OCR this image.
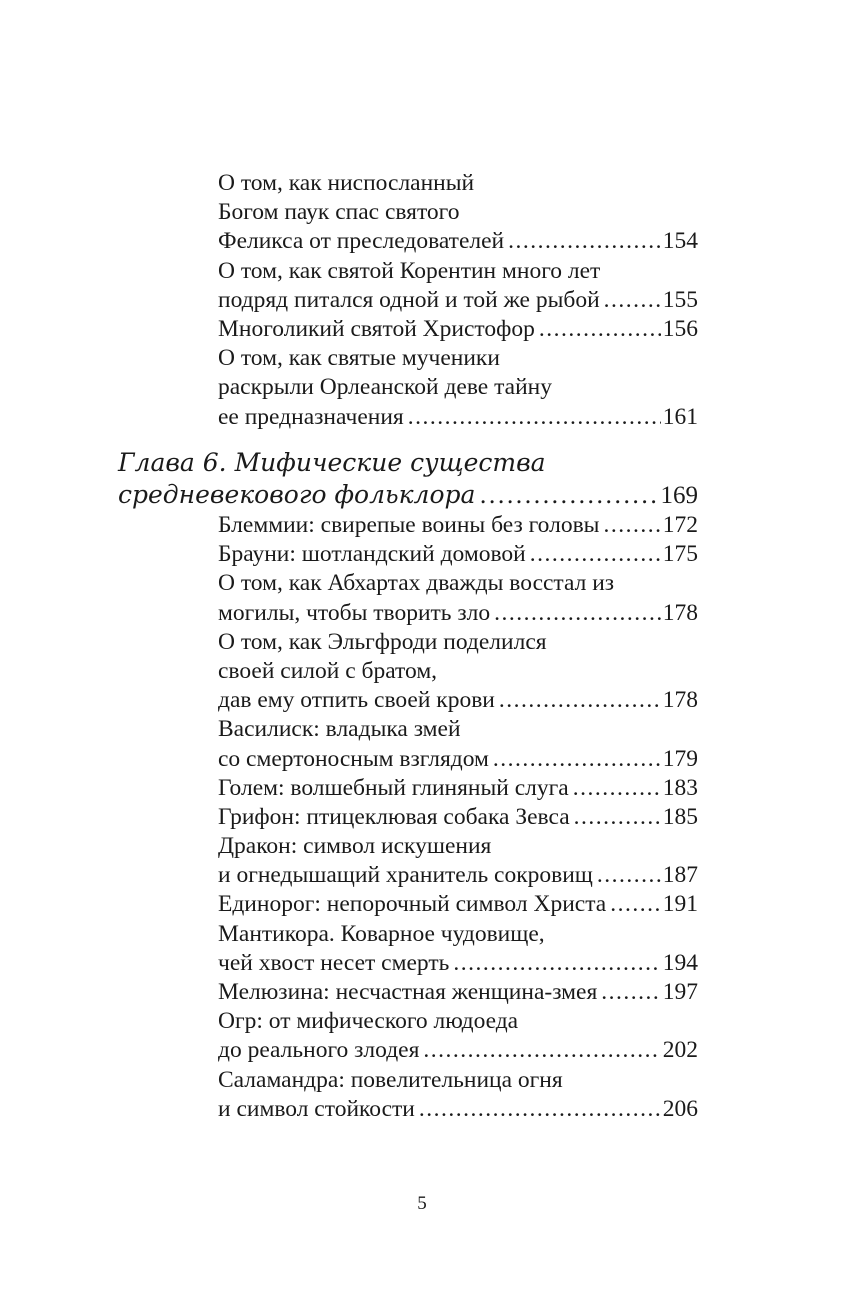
О том, как ниспосланный
Богом паук спас святого
Феликса от преследователей .....	154
О том, как святой Корентин много лет
подряд питался одной и той же рыбой .....	155
Многоликий святой Христофор .....	156
О том, как святые мученики
раскрыли Орлеанской деве тайну
ее предназначения .....	161
Глава 6. Мифические существа
средневекового фольклора .....	169
Блеммии: свирепые воины без головы .....	172
Брауни: шотландский домовой .....	175
О том, как Абхартах дважды восстал из
могилы, чтобы творить зло .....	178
О том, как Эльгфроди поделился
своей силой с братом,
дав ему отпить своей крови .....	178
Василиск: владыка змей
со смертоносным взглядом .....	179
Голем: волшебный глиняный слуга .....	183
Грифон: птицеклювая собака Зевса .....	185
Дракон: символ искушения
и огнедышащий хранитель сокровищ .....	187
Единорог: непорочный символ Христа ..... 191
Мантикора. Коварное чудовище,
чей хвост несет смерть .....	194
Мелюзина: несчастная женщина-змея .....	197
Огр: от мифического людоеда
до реального злодея .....	202
Саламандра: повелительница огня
и символ стойкости .....	206
5
